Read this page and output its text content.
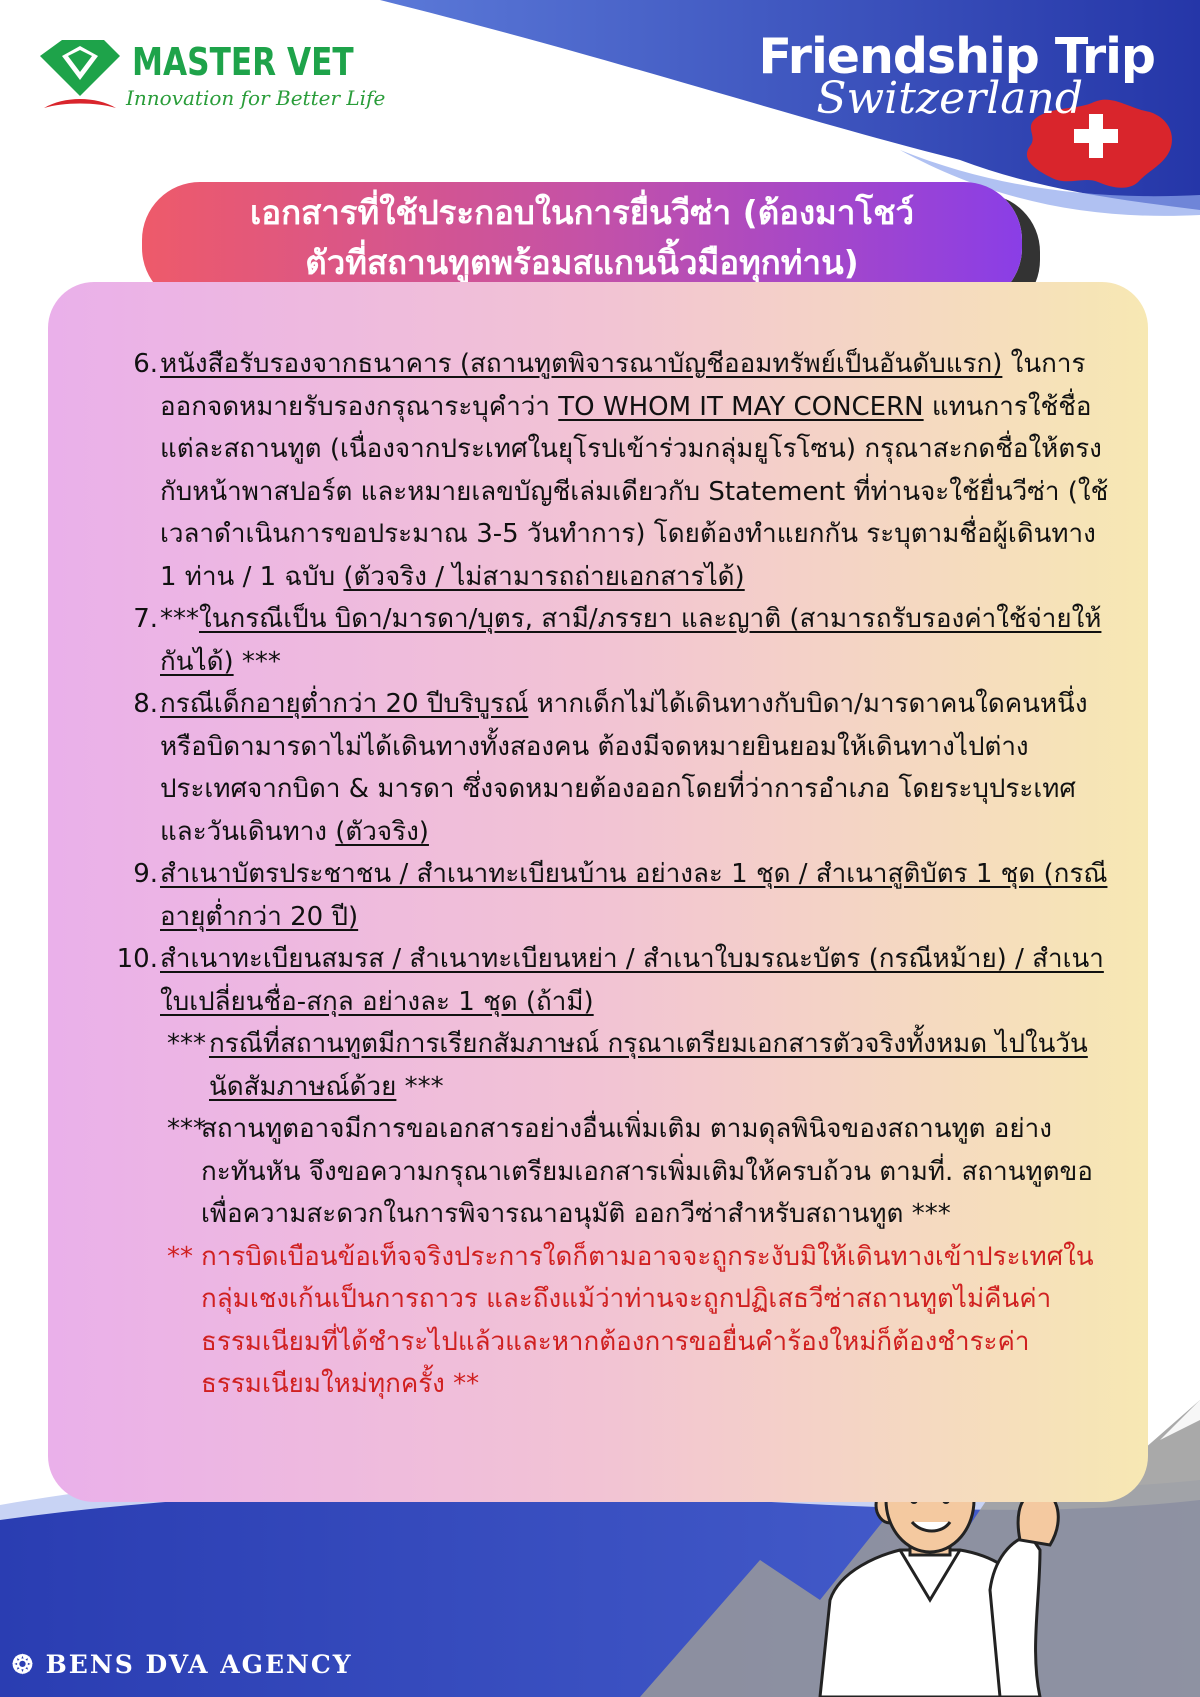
MASTER VET
Innovation for Better Life
Friendship Trip
Switzerland
เอกสารที่ใช้ประกอบในการยื่นวีซ่า (ต้องมาโชว์
ตัวที่สถานทูตพร้อมสแกนนิ้วมือทุกท่าน)
6. หนังสือรับรองจากธนาคาร (สถานทูตพิจารณาบัญชีออมทรัพย์เป็นอันดับแรก) ในการออกจดหมายรับรองกรุณาระบุคำว่า TO WHOM IT MAY CONCERN แทนการใช้ชื่อแต่ละสถานทูต (เนื่องจากประเทศในยุโรปเข้าร่วมกลุ่มยูโรโซน) กรุณาสะกดชื่อให้ตรงกับหน้าพาสปอร์ต และหมายเลขบัญชีเล่มเดียวกับ Statement ที่ท่านจะใช้ยื่นวีซ่า (ใช้เวลาดำเนินการขอประมาณ 3-5 วันทำการ) โดยต้องทำแยกกัน ระบุตามชื่อผู้เดินทาง 1 ท่าน / 1 ฉบับ (ตัวจริง / ไม่สามารถถ่ายเอกสารได้)
7. ***ในกรณีเป็น บิดา/มารดา/บุตร, สามี/ภรรยา และญาติ (สามารถรับรองค่าใช้จ่ายให้กันได้) ***
8. กรณีเด็กอายุต่ำกว่า 20 ปีบริบูรณ์ หากเด็กไม่ได้เดินทางกับบิดา/มารดาคนใดคนหนึ่ง หรือบิดามารดาไม่ได้เดินทางทั้งสองคน ต้องมีจดหมายยินยอมให้เดินทางไปต่าง ประเทศจากบิดา & มารดา ซึ่งจดหมายต้องออกโดยที่ว่าการอำเภอ โดยระบุประเทศและวันเดินทาง (ตัวจริง)
9. สำเนาบัตรประชาชน / สำเนาทะเบียนบ้าน อย่างละ 1 ชุด / สำเนาสูติบัตร 1 ชุด (กรณีอายุต่ำกว่า 20 ปี)
10. สำเนาทะเบียนสมรส / สำเนาทะเบียนหย่า / สำเนาใบมรณะบัตร (กรณีหม้าย) / สำเนาใบเปลี่ยนชื่อ-สกุล อย่างละ 1 ชุด (ถ้ามี)
*** กรณีที่สถานทูตมีการเรียกสัมภาษณ์ กรุณาเตรียมเอกสารตัวจริงทั้งหมด ไปในวันนัดสัมภาษณ์ด้วย ***
***
สถานทูตอาจมีการขอเอกสารอย่างอื่นเพิ่มเติม ตามดุลพินิจของสถานทูต อย่างกะทันหัน จึงขอความกรุณาเตรียมเอกสารเพิ่มเติมให้ครบถ้วน ตามที่. สถานทูตขอ เพื่อความสะดวกในการพิจารณาอนุมัติ ออกวีซ่าสำหรับสถานทูต ***
** การบิดเบือนข้อเท็จจริงประการใดก็ตามอาจจะถูกระงับมิให้เดินทางเข้าประเทศในกลุ่มเชงเก้นเป็นการถาวร และถึงแม้ว่าท่านจะถูกปฏิเสธวีซ่าสถานทูตไม่คืนค่าธรรมเนียมที่ได้ชำระไปแล้วและหากต้องการขอยื่นคำร้องใหม่ก็ต้องชำระค่าธรรมเนียมใหม่ทุกครั้ง **
❂ BENS DVA AGENCY
